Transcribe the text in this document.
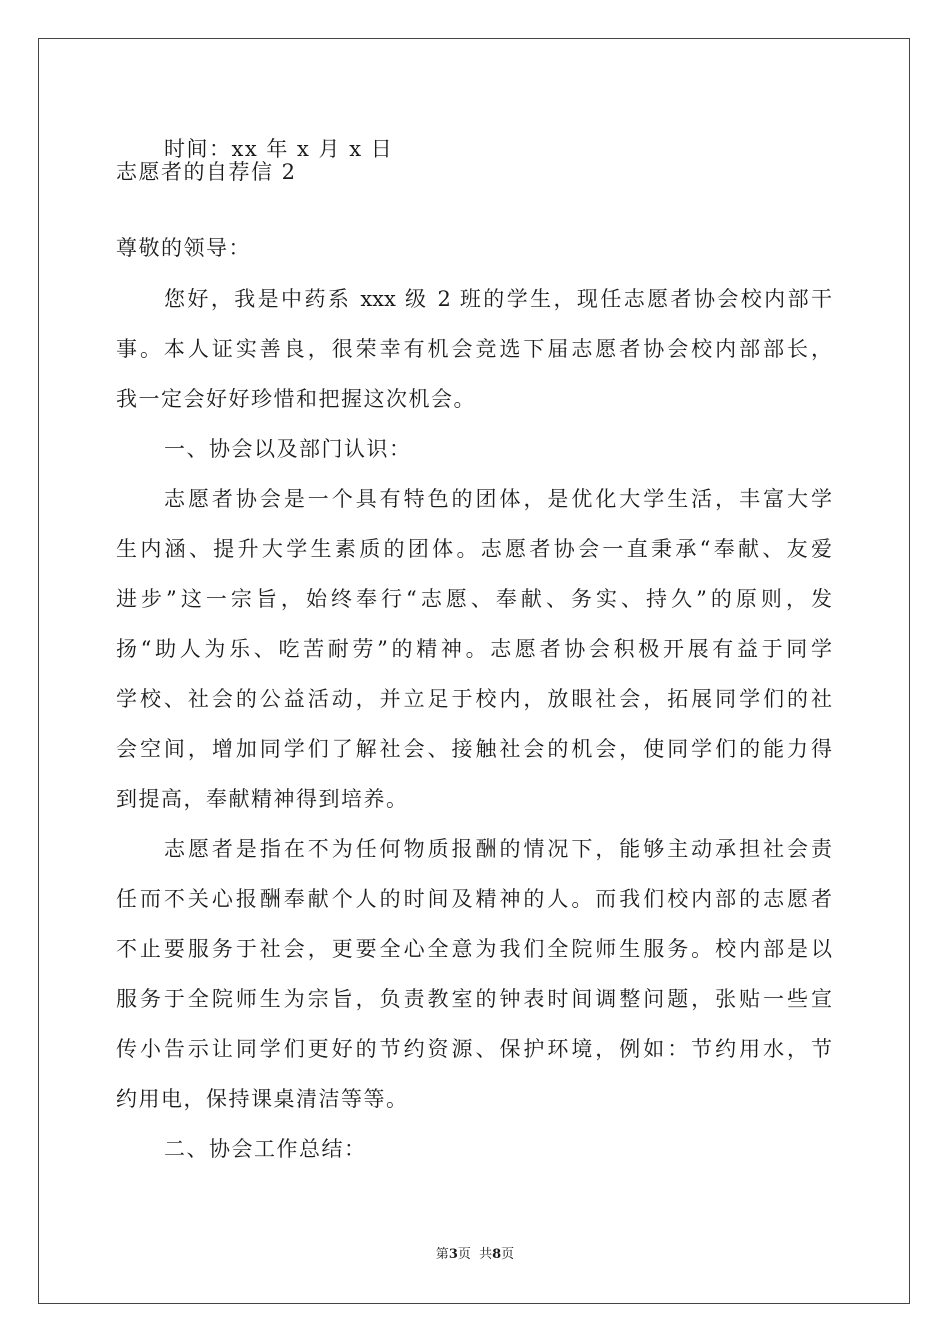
时间：xx 年 x 月 x 日
志愿者的自荐信 2
尊敬的领导：
您好，我是中药系 xxx 级 2 班的学生，现任志愿者协会校内部干
事。本人证实善良，很荣幸有机会竞选下届志愿者协会校内部部长，
我一定会好好珍惜和把握这次机会。
一、协会以及部门认识：
志愿者协会是一个具有特色的团体，是优化大学生活，丰富大学
生内涵、提升大学生素质的团体。志愿者协会一直秉承“奉献、友爱
进步”这一宗旨，始终奉行“志愿、奉献、务实、持久”的原则，发
扬“助人为乐、吃苦耐劳”的精神。志愿者协会积极开展有益于同学
学校、社会的公益活动，并立足于校内，放眼社会，拓展同学们的社
会空间，增加同学们了解社会、接触社会的机会，使同学们的能力得
到提高，奉献精神得到培养。
志愿者是指在不为任何物质报酬的情况下，能够主动承担社会责
任而不关心报酬奉献个人的时间及精神的人。而我们校内部的志愿者
不止要服务于社会，更要全心全意为我们全院师生服务。校内部是以
服务于全院师生为宗旨，负责教室的钟表时间调整问题，张贴一些宣
传小告示让同学们更好的节约资源、保护环境，例如：节约用水，节
约用电，保持课桌清洁等等。
二、协会工作总结：
第3页  共8页
